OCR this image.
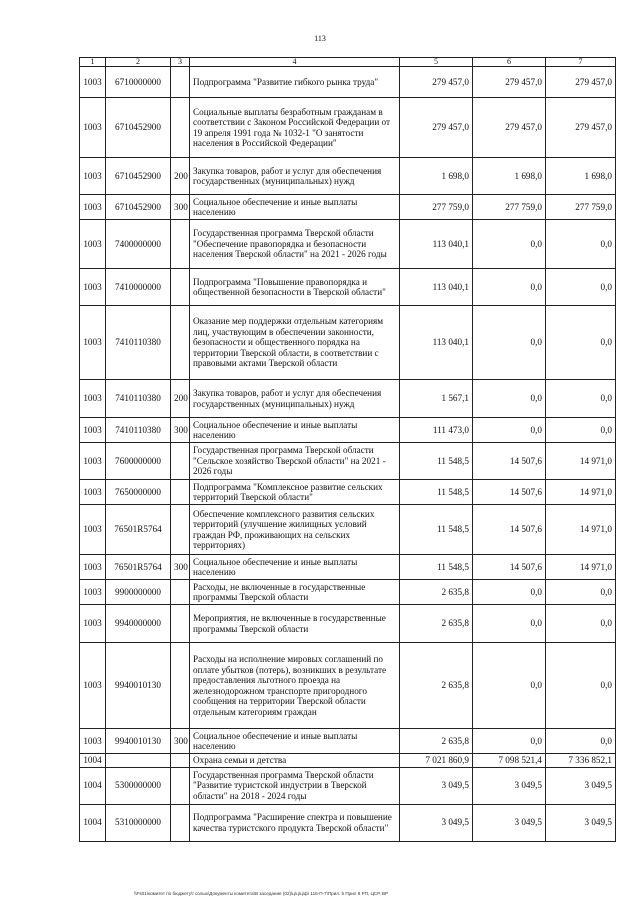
113
1	2	3	4	5	6	7
1003	6710000000		Подпрограмма "Развитие гибкого рынка труда"	279 457,0	279 457,0	279 457,0
1003	6710452900		Социальные выплаты безработным гражданам в соответствии с Законом Российской Федерации от 19 апреля 1991 года № 1032-1 "О занятости населения в Российской Федерации"	279 457,0	279 457,0	279 457,0
1003	6710452900	200	Закупка товаров, работ и услуг для обеспечения государственных (муниципальных) нужд	1 698,0	1 698,0	1 698,0
1003	6710452900	300	Социальное обеспечение и иные выплаты населению	277 759,0	277 759,0	277 759,0
1003	7400000000		Государственная программа Тверской области "Обеспечение правопорядка и безопасности населения Тверской области" на 2021 - 2026 годы	113 040,1	0,0	0,0
1003	7410000000		Подпрограмма "Повышение правопорядка и общественной безопасности в Тверской области"	113 040,1	0,0	0,0
1003	7410110380		Оказание мер поддержки отдельным категориям лиц, участвующим в обеспечении законности, безопасности и общественного порядка на территории Тверской области, в соответствии с правовыми актами Тверской области	113 040,1	0,0	0,0
1003	7410110380	200	Закупка товаров, работ и услуг для обеспечения государственных (муниципальных) нужд	1 567,1	0,0	0,0
1003	7410110380	300	Социальное обеспечение и иные выплаты населению	111 473,0	0,0	0,0
1003	7600000000		Государственная программа Тверской области "Сельское хозяйство Тверской области" на 2021 - 2026 годы	11 548,5	14 507,6	14 971,0
1003	7650000000		Подпрограмма "Комплексное развитие сельских территорий Тверской области"	11 548,5	14 507,6	14 971,0
1003	76501R5764		Обеспечение комплексного развития сельских территорий (улучшение жилищных условий граждан РФ, проживающих на сельских территориях)	11 548,5	14 507,6	14 971,0
1003	76501R5764	300	Социальное обеспечение и иные выплаты населению	11 548,5	14 507,6	14 971,0
1003	9900000000		Расходы, не включенные в государственные программы Тверской области	2 635,8	0,0	0,0
1003	9940000000		Мероприятия, не включенные в государственные программы Тверской области	2 635,8	0,0	0,0
1003	9940010130		Расходы на исполнение мировых соглашений по оплате убытков (потерь), возникших в результате предоставления льготного проезда на железнодорожном транспорте пригородного сообщения на территории Тверской области отдельным категориям граждан	2 635,8	0,0	0,0
1003	9940010130	300	Социальное обеспечение и иные выплаты населению	2 635,8	0,0	0,0
1004			Охрана семьи и детства	7 021 860,9	7 098 521,4	7 336 852,1
1004	5300000000		Государственная программа Тверской области "Развитие туристской индустрии в Тверской области" на 2018 - 2024 годы	3 049,5	3 049,5	3 049,5
1004	5310000000		Подпрограмма "Расширение спектра и повышение качества туристского продукта Тверской области"	3 049,5	3 049,5	3 049,5
\\Fs01\комитет по бюджету\! солых\Документы комитета\В заседание (02)\ц\ц\ц\ф\ 115-П-7\Прил. 5 Прил 8 РП, ЦСР, ВР
